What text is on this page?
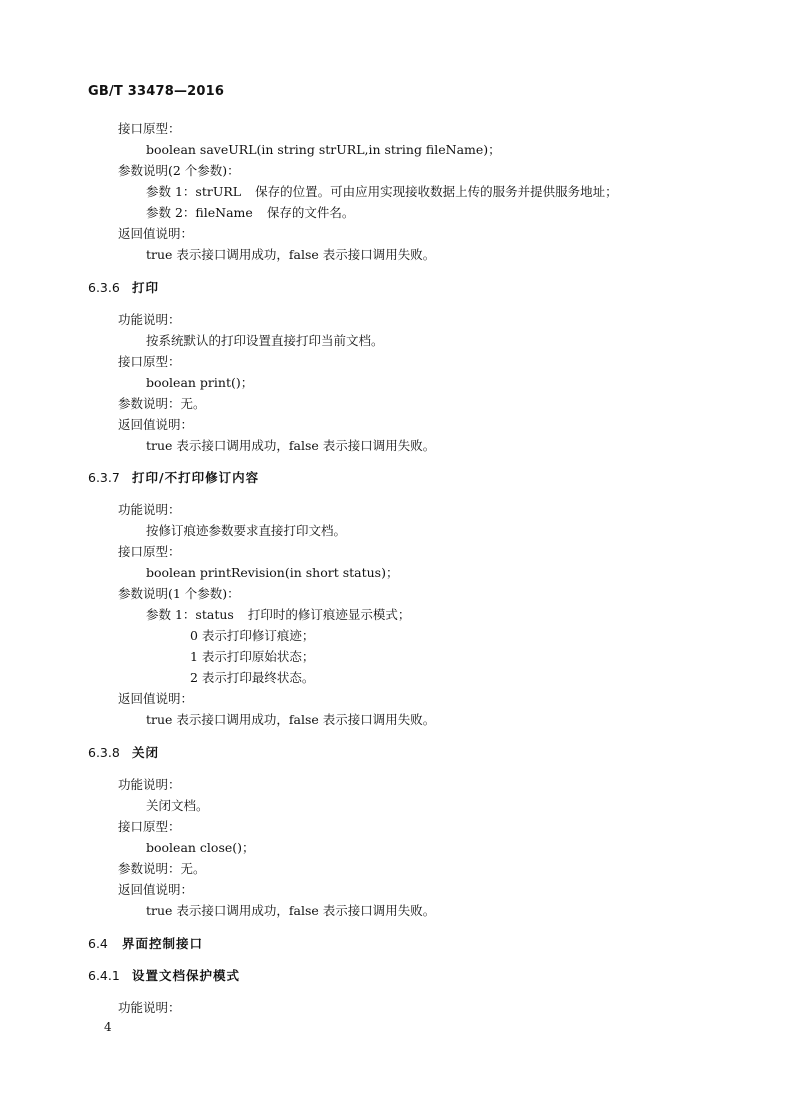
GB/T 33478—2016
接口原型：
boolean saveURL(in string strURL,in string fileName)；
参数说明(2 个参数)：
参数 1：strURL 保存的位置。可由应用实现接收数据上传的服务并提供服务地址；
参数 2：fileName 保存的文件名。
返回值说明：
true 表示接口调用成功，false 表示接口调用失败。
6.3.6 打印
功能说明：
按系统默认的打印设置直接打印当前文档。
接口原型：
boolean print()；
参数说明：无。
返回值说明：
true 表示接口调用成功，false 表示接口调用失败。
6.3.7 打印/不打印修订内容
功能说明：
按修订痕迹参数要求直接打印文档。
接口原型：
boolean printRevision(in short status)；
参数说明(1 个参数)：
参数 1：status 打印时的修订痕迹显示模式；
0 表示打印修订痕迹；
1 表示打印原始状态；
2 表示打印最终状态。
返回值说明：
true 表示接口调用成功，false 表示接口调用失败。
6.3.8 关闭
功能说明：
关闭文档。
接口原型：
boolean close()；
参数说明：无。
返回值说明：
true 表示接口调用成功，false 表示接口调用失败。
6.4 界面控制接口
6.4.1 设置文档保护模式
功能说明：
4
